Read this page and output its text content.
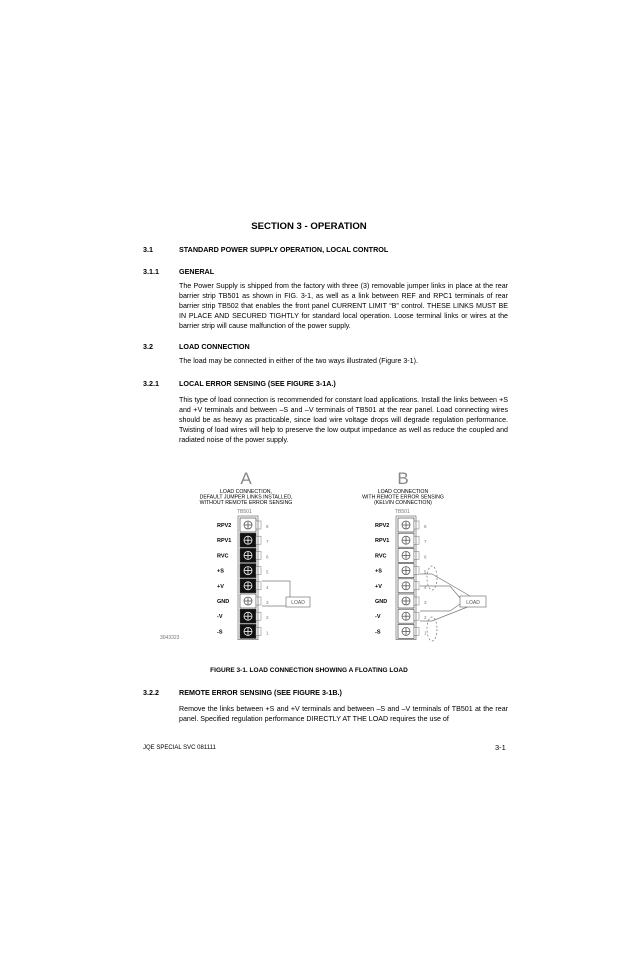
SECTION 3 - OPERATION
3.1	STANDARD POWER SUPPLY OPERATION, LOCAL CONTROL
3.1.1	GENERAL

The Power Supply is shipped from the factory with three (3) removable jumper links in place at the rear barrier strip TB501 as shown in FIG. 3-1, as well as a link between REF and RPC1 terminals of rear barrier strip TB502 that enables the front panel CURRENT LIMIT “B” control. THESE LINKS MUST BE IN PLACE AND SECURED TIGHTLY for standard local operation. Loose terminal links or wires at the barrier strip will cause malfunction of the power supply.

3.2	LOAD CONNECTION

The load may be connected in either of the two ways illustrated (Figure 3-1).

3.2.1	LOCAL ERROR SENSING (SEE FIGURE 3-1A.)

This type of load connection is recommended for constant load applications. Install the links between +S and +V terminals and between –S and –V terminals of TB501 at the rear panel. Load connecting wires should be as heavy as practicable, since load wire voltage drops will degrade regulation performance. Twisting of load wires will help to preserve the low output impedance as well as reduce the coupled and radiated noise of the power supply.

A
LOAD CONNECTION,
DEFAULT JUMPER LINKS INSTALLED,
WITHOUT REMOTE ERROR SENSING
TB501
B
LOAD CONNECTION
WITH REMOTE ERROR SENSING
(KELVIN CONNECTION)
TB501
RPV2	8
RPV1	7
RVC	6
+S	5
+V	4
GND	3
-V	2
-S	1
RPV2	8
RPV1	7
RVC	6
+S	5
+V	4
GND	3
-V	2
-S	1
LOAD	LOAD
3043323
FIGURE 3-1. LOAD CONNECTION SHOWING A FLOATING LOAD
3.2.2	REMOTE ERROR SENSING (SEE FIGURE 3-1B.)

Remove the links between +S and +V terminals and between –S and –V terminals of TB501 at the rear panel. Specified regulation performance DIRECTLY AT THE LOAD requires the use of

JQE SPECIAL SVC 081111	3-1
